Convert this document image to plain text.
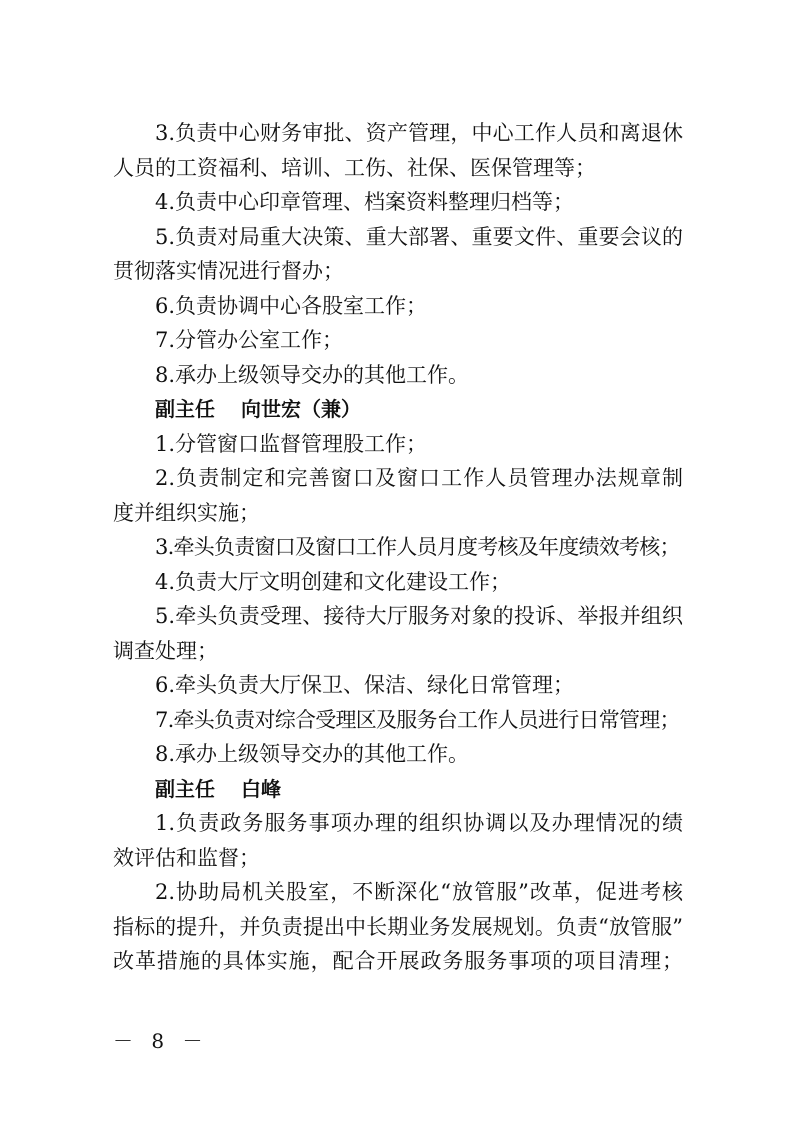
3.负责中心财务审批、资产管理，中心工作人员和离退休
人员的工资福利、培训、工伤、社保、医保管理等；
4.负责中心印章管理、档案资料整理归档等；
5.负责对局重大决策、重大部署、重要文件、重要会议的
贯彻落实情况进行督办；
6.负责协调中心各股室工作；
7.分管办公室工作；
8.承办上级领导交办的其他工作。
副主任 向世宏（兼）
1.分管窗口监督管理股工作；
2.负责制定和完善窗口及窗口工作人员管理办法规章制
度并组织实施；
3.牵头负责窗口及窗口工作人员月度考核及年度绩效考核；
4.负责大厅文明创建和文化建设工作；
5.牵头负责受理、接待大厅服务对象的投诉、举报并组织
调查处理；
6.牵头负责大厅保卫、保洁、绿化日常管理；
7.牵头负责对综合受理区及服务台工作人员进行日常管理；
8.承办上级领导交办的其他工作。
副主任 白峰
1.负责政务服务事项办理的组织协调以及办理情况的绩
效评估和监督；
2.协助局机关股室，不断深化“放管服”改革，促进考核
指标的提升，并负责提出中长期业务发展规划。负责“放管服”
改革措施的具体实施，配合开展政务服务事项的项目清理；
－ 8 －
